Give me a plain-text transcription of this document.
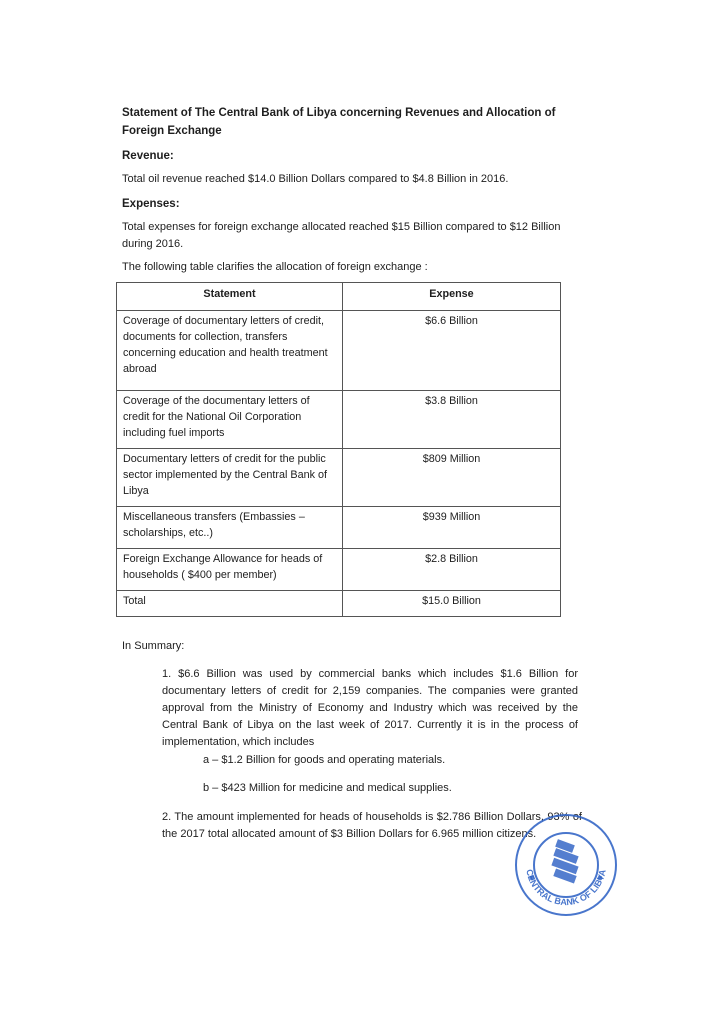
Statement of The Central Bank of Libya concerning Revenues and Allocation of Foreign Exchange
Revenue:
Total oil revenue reached $14.0 Billion Dollars compared to $4.8 Billion in 2016.
Expenses:
Total expenses for foreign exchange allocated reached $15 Billion compared to $12 Billion during 2016.
The following table clarifies the allocation of foreign exchange :
Statement	Expense
Coverage of documentary letters of credit, documents for collection, transfers concerning education and health treatment abroad	$6.6 Billion
Coverage of the documentary letters of credit for the National Oil Corporation including fuel imports	$3.8 Billion
Documentary letters of credit for the public sector implemented by the Central Bank of Libya	$809 Million
Miscellaneous transfers (Embassies – scholarships, etc..)	$939 Million
Foreign Exchange Allowance for heads of households ( $400 per member)	$2.8 Billion
Total	$15.0 Billion
In Summary:
1. $6.6 Billion was used by commercial banks which includes $1.6 Billion for documentary letters of credit for 2,159 companies. The companies were granted approval from the Ministry of Economy and Industry which was received by the Central Bank of Libya on the last week of 2017. Currently it is in the process of implementation, which includes
a – $1.2 Billion for goods and operating materials.
b – $423 Million for medicine and medical supplies.
2. The amount implemented for heads of households is $2.786 Billion Dollars, 93% of the 2017 total allocated amount of $3 Billion Dollars for 6.965 million citizens.
CENTRAL BANK OF LIBYA
